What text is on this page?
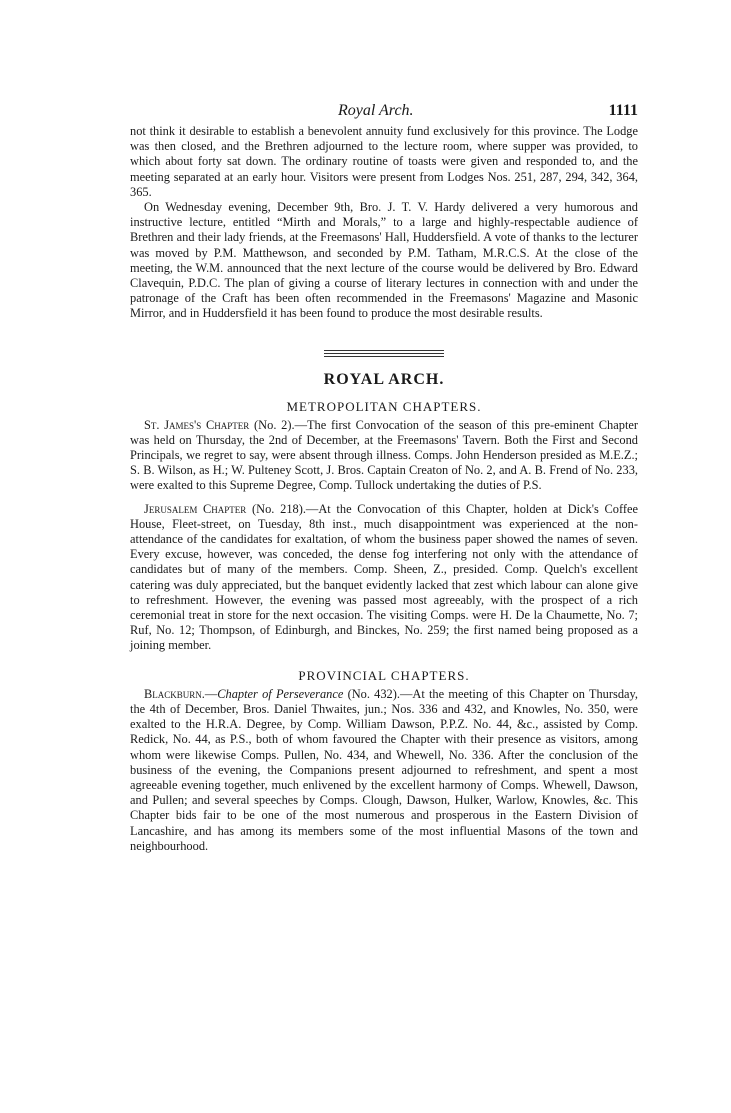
Royal Arch.	1111

not think it desirable to establish a benevolent annuity fund exclusively for this province. The Lodge was then closed, and the Brethren adjourned to the lecture room, where supper was provided, to which about forty sat down. The ordinary routine of toasts were given and responded to, and the meeting separated at an early hour. Visitors were present from Lodges Nos. 251, 287, 294, 342, 364, 365.

On Wednesday evening, December 9th, Bro. J. T. V. Hardy delivered a very humorous and instructive lecture, entitled “Mirth and Morals,” to a large and highly-respectable audience of Brethren and their lady friends, at the Freemasons' Hall, Huddersfield. A vote of thanks to the lecturer was moved by P.M. Matthewson, and seconded by P.M. Tatham, M.R.C.S. At the close of the meeting, the W.M. announced that the next lecture of the course would be delivered by Bro. Edward Clavequin, P.D.C. The plan of giving a course of literary lectures in connection with and under the patronage of the Craft has been often recommended in the Freemasons' Magazine and Masonic Mirror, and in Huddersfield it has been found to produce the most desirable results.

ROYAL ARCH.
METROPOLITAN CHAPTERS.

St. James's Chapter (No. 2).—The first Convocation of the season of this pre-eminent Chapter was held on Thursday, the 2nd of December, at the Freemasons' Tavern. Both the First and Second Principals, we regret to say, were absent through illness. Comps. John Henderson presided as M.E.Z.; S. B. Wilson, as H.; W. Pulteney Scott, J. Bros. Captain Creaton of No. 2, and A. B. Frend of No. 233, were exalted to this Supreme Degree, Comp. Tullock undertaking the duties of P.S.

Jerusalem Chapter (No. 218).—At the Convocation of this Chapter, holden at Dick's Coffee House, Fleet-street, on Tuesday, 8th inst., much disappointment was experienced at the non-attendance of the candidates for exaltation, of whom the business paper showed the names of seven. Every excuse, however, was conceded, the dense fog interfering not only with the attendance of candidates but of many of the members. Comp. Sheen, Z., presided. Comp. Quelch's excellent catering was duly appreciated, but the banquet evidently lacked that zest which labour can alone give to refreshment. However, the evening was passed most agreeably, with the prospect of a rich ceremonial treat in store for the next occasion. The visiting Comps. were H. De la Chaumette, No. 7; Ruf, No. 12; Thompson, of Edinburgh, and Binckes, No. 259; the first named being proposed as a joining member.

PROVINCIAL CHAPTERS.

Blackburn.—Chapter of Perseverance (No. 432).—At the meeting of this Chapter on Thursday, the 4th of December, Bros. Daniel Thwaites, jun.; Nos. 336 and 432, and Knowles, No. 350, were exalted to the H.R.A. Degree, by Comp. William Dawson, P.P.Z. No. 44, &c., assisted by Comp. Redick, No. 44, as P.S., both of whom favoured the Chapter with their presence as visitors, among whom were likewise Comps. Pullen, No. 434, and Whewell, No. 336. After the conclusion of the business of the evening, the Companions present adjourned to refreshment, and spent a most agreeable evening together, much enlivened by the excellent harmony of Comps. Whewell, Dawson, and Pullen; and several speeches by Comps. Clough, Dawson, Hulker, Warlow, Knowles, &c. This Chapter bids fair to be one of the most numerous and prosperous in the Eastern Division of Lancashire, and has among its members some of the most influential Masons of the town and neighbourhood.
